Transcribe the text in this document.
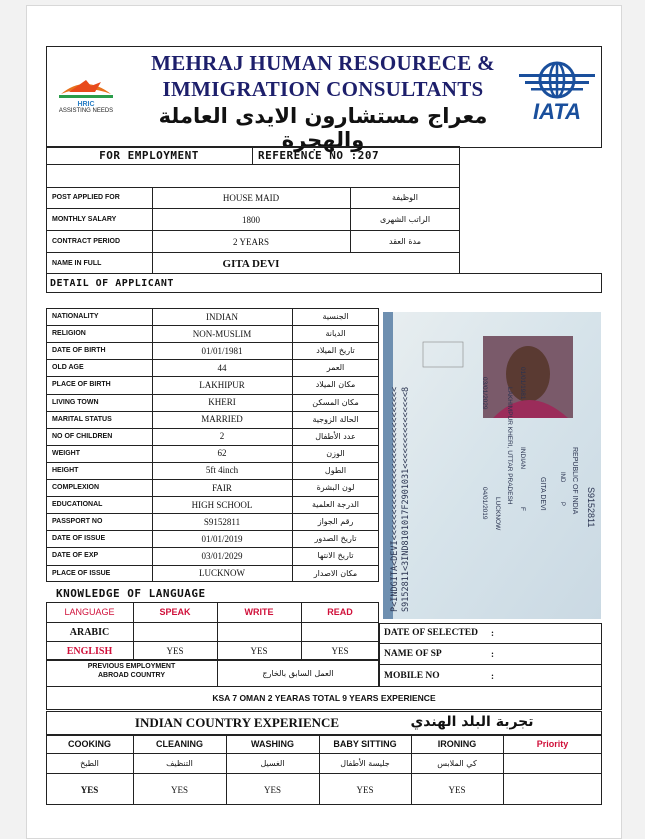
HRIC
ASSISTING NEEDS
MEHRAJ HUMAN RESOURECE &
IMMIGRATION CONSULTANTS
معراج مستشارون الايدى العاملة والهجرة
IATA
FOR EMPLOYMENT	REFERENCE NO :207
POST APPLIED FOR	HOUSE MAID	الوظيفة
MONTHLY SALARY	1800	الراتب الشهرى
CONTRACT PERIOD	2 YEARS	مدة العقد
NAME IN FULL	GITA DEVI
DETAIL OF APPLICANT
NATIONALITY	INDIAN	الجنسية
RELIGION	NON-MUSLIM	الديانة
DATE OF BIRTH	01/01/1981	تاريخ الميلاد
OLD AGE	44	العمر
PLACE OF BIRTH	LAKHIPUR	مكان الميلاد
LIVING TOWN	KHERI	مكان المسكن
MARITAL STATUS	MARRIED	الحالة الزوجية
NO OF CHILDREN	2	عدد الأطفال
WEIGHT	62	الوزن
HEIGHT	5ft 4inch	الطول
COMPLEXION	FAIR	لون البشرة
EDUCATIONAL	HIGH SCHOOL	الدرجة العلمية
PASSPORT NO	S9152811	رقم الجواز
DATE OF ISSUE	01/01/2019	تاريخ الصدور
DATE OF EXP	03/01/2029	تاريخ الانتها
PLACE OF ISSUE	LUCKNOW	مكان الاصدار	P<INDGITA<DEVI<<<<<<<<<<<<<<<<<<<<<<<<<<<<<< S9152811<3IND8101017F2901031<<<<<<<<<<<<<<<8	S9152811
REPUBLIC OF INDIA
IND
P
GITA DEVI
INDIAN
F
01/01/1981
LAKHIMPUR KHERI, UTTAR PRADESH
LUCKNOW
04/01/2019
03/01/2029
KNOWLEDGE OF LANGUAGE
LANGUAGE	SPEAK	WRITE	READ
ARABIC
ENGLISH	YES	YES	YES
DATE OF SELECTED	:
NAME OF SP	:
MOBILE NO	:
PREVIOUS EMPLOYMENT
ABROAD COUNTRY	العمل السابق بالخارج
KSA 7 OMAN 2 YEARAS TOTAL 9 YEARS EXPERIENCE
INDIAN COUNTRY EXPERIENCE	تجربة البلد الهندي
COOKING	CLEANING	WASHING	BABY SITTING	IRONING	Priority
الطبخ	التنظيف	الغسيل	جليسة الأطفال	كي الملابس
YES	YES	YES	YES	YES
